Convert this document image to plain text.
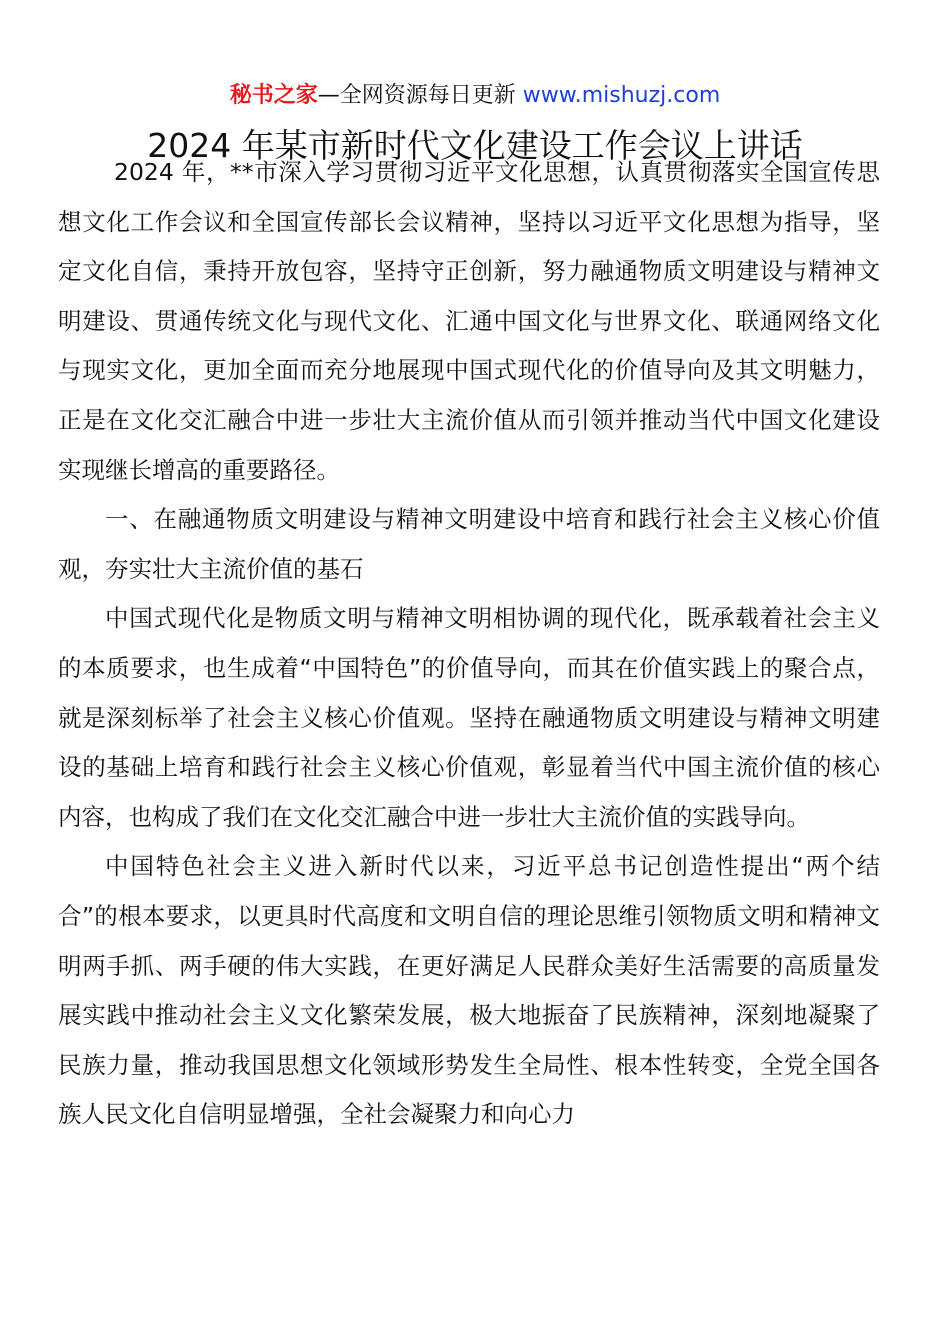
秘书之家—全网资源每日更新 www.mishuzj.com
2024 年某市新时代文化建设工作会议上讲话

2024 年，**市深入学习贯彻习近平文化思想，认真贯彻落实全国宣传思想文化工作会议和全国宣传部长会议精神，坚持以习近平文化思想为指导，坚定文化自信，秉持开放包容，坚持守正创新，努力融通物质文明建设与精神文明建设、贯通传统文化与现代文化、汇通中国文化与世界文化、联通网络文化与现实文化，更加全面而充分地展现中国式现代化的价值导向及其文明魅力，正是在文化交汇融合中进一步壮大主流价值从而引领并推动当代中国文化建设实现继长增高的重要路径。

一、在融通物质文明建设与精神文明建设中培育和践行社会主义核心价值观，夯实壮大主流价值的基石

中国式现代化是物质文明与精神文明相协调的现代化，既承载着社会主义的本质要求，也生成着“中国特色”的价值导向，而其在价值实践上的聚合点，就是深刻标举了社会主义核心价值观。坚持在融通物质文明建设与精神文明建设的基础上培育和践行社会主义核心价值观，彰显着当代中国主流价值的核心内容，也构成了我们在文化交汇融合中进一步壮大主流价值的实践导向。

中国特色社会主义进入新时代以来，习近平总书记创造性提出“两个结合”的根本要求，以更具时代高度和文明自信的理论思维引领物质文明和精神文明两手抓、两手硬的伟大实践，在更好满足人民群众美好生活需要的高质量发展实践中推动社会主义文化繁荣发展，极大地振奋了民族精神，深刻地凝聚了民族力量，推动我国思想文化领域形势发生全局性、根本性转变，全党全国各族人民文化自信明显增强，全社会凝聚力和向心力
